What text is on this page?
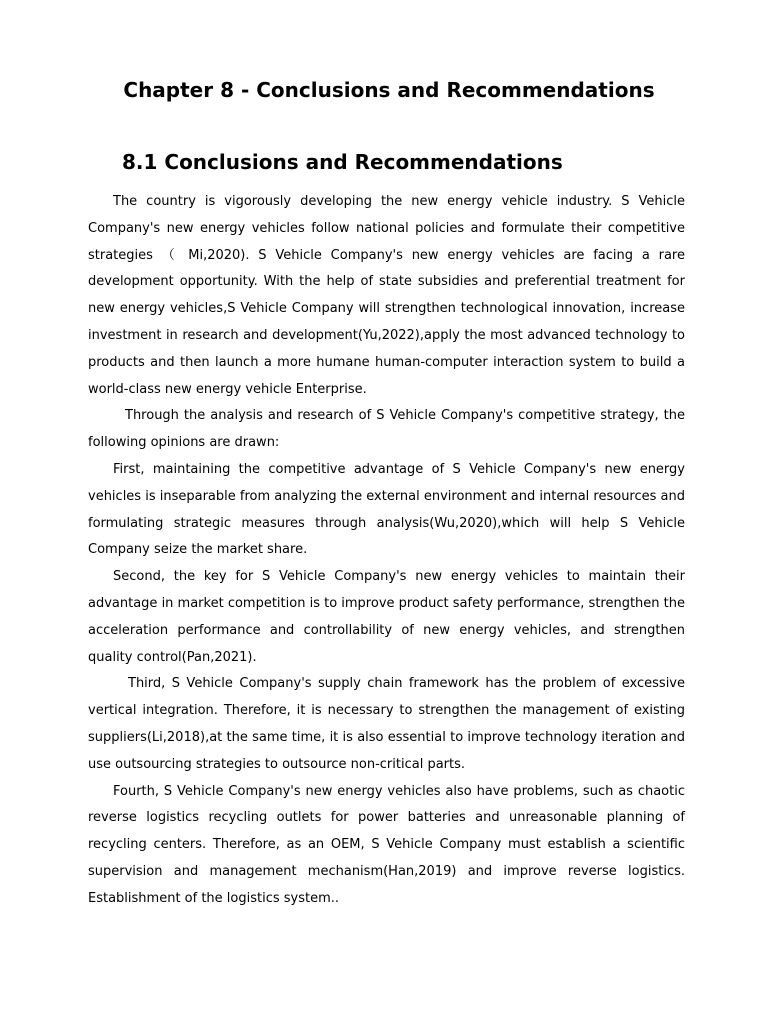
Chapter 8 - Conclusions and Recommendations
8.1 Conclusions and Recommendations

The country is vigorously developing the new energy vehicle industry. S Vehicle Company's new energy vehicles follow national policies and formulate their competitive strategies （ Mi,2020). S Vehicle Company's new energy vehicles are facing a rare development opportunity. With the help of state subsidies and preferential treatment for new energy vehicles,S Vehicle Company will strengthen technological innovation, increase investment in research and development(Yu,2022),apply the most advanced technology to products and then launch a more humane human-computer interaction system to build a world-class new energy vehicle Enterprise.

Through the analysis and research of S Vehicle Company's competitive strategy, the following opinions are drawn:

First, maintaining the competitive advantage of S Vehicle Company's new energy vehicles is inseparable from analyzing the external environment and internal resources and formulating strategic measures through analysis(Wu,2020),which will help S Vehicle Company seize the market share.

Second, the key for S Vehicle Company's new energy vehicles to maintain their advantage in market competition is to improve product safety performance, strengthen the acceleration performance and controllability of new energy vehicles, and strengthen quality control(Pan,2021).

Third, S Vehicle Company's supply chain framework has the problem of excessive vertical integration. Therefore, it is necessary to strengthen the management of existing suppliers(Li,2018),at the same time, it is also essential to improve technology iteration and use outsourcing strategies to outsource non-critical parts.

Fourth, S Vehicle Company's new energy vehicles also have problems, such as chaotic reverse logistics recycling outlets for power batteries and unreasonable planning of recycling centers. Therefore, as an OEM, S Vehicle Company must establish a scientific supervision and management mechanism(Han,2019) and improve reverse logistics. Establishment of the logistics system..
